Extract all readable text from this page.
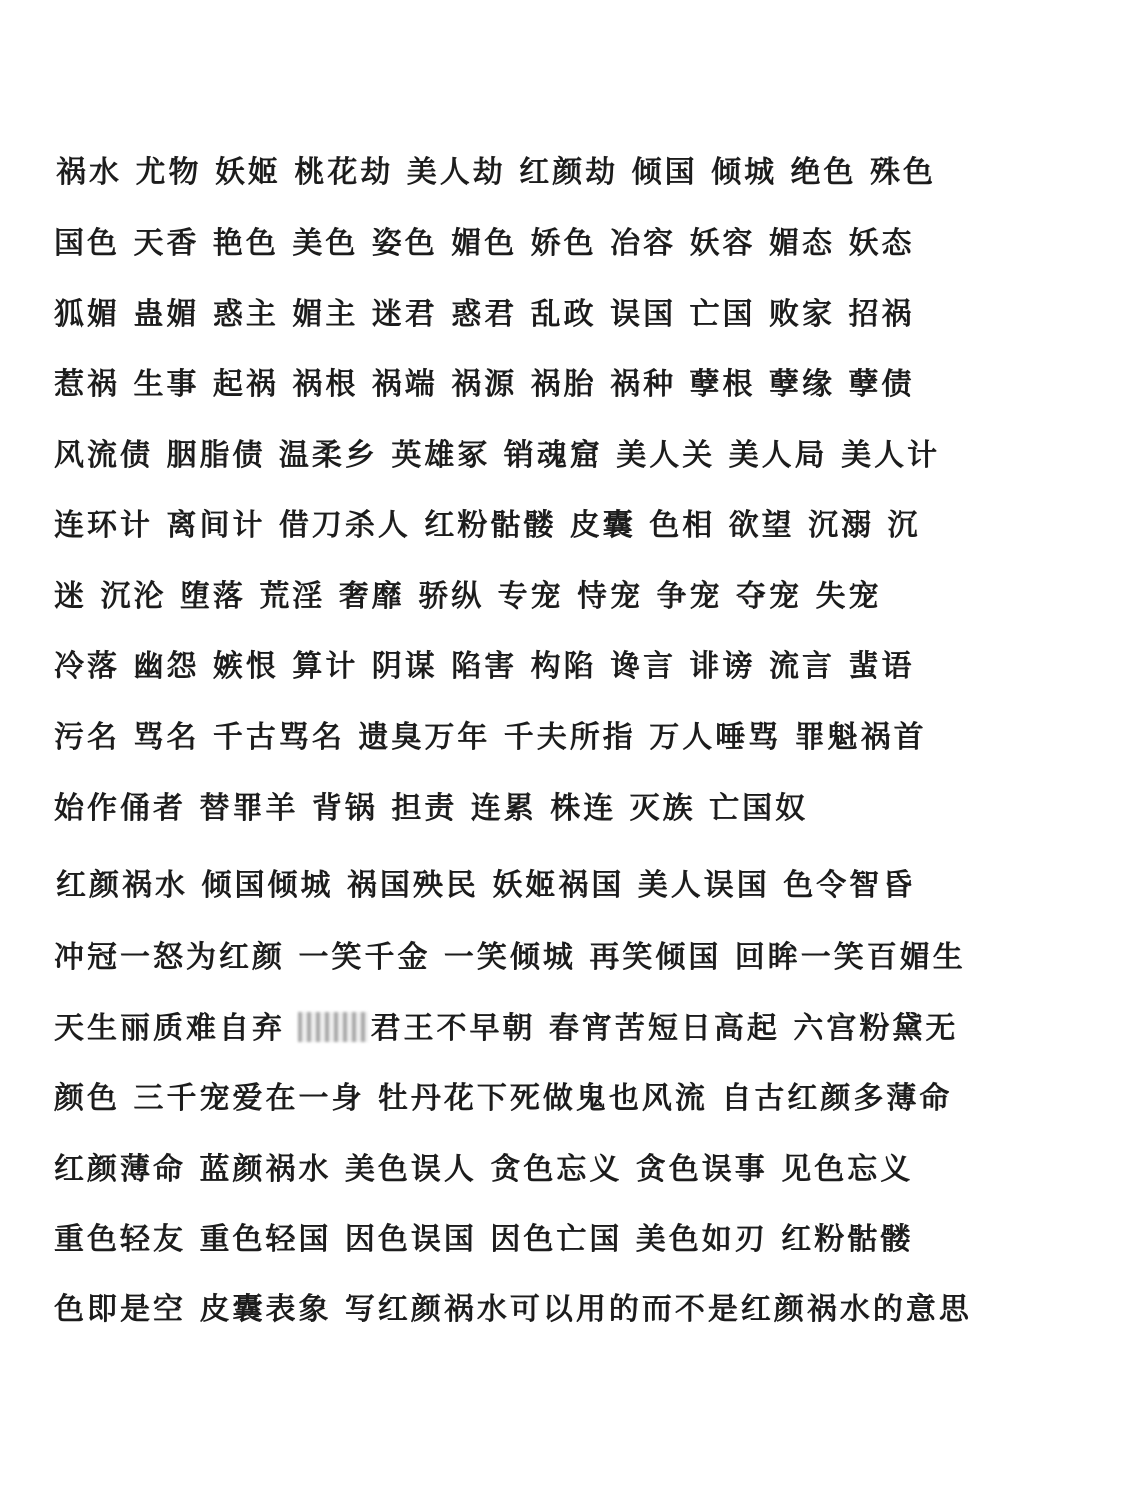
祸水 尤物 妖姬 桃花劫 美人劫 红颜劫 倾国 倾城 绝色 殊色
国色 天香 艳色 美色 姿色 媚色 娇色 冶容 妖容 媚态 妖态
狐媚 蛊媚 惑主 媚主 迷君 惑君 乱政 误国 亡国 败家 招祸
惹祸 生事 起祸 祸根 祸端 祸源 祸胎 祸种 孽根 孽缘 孽债
风流债 胭脂债 温柔乡 英雄冢 销魂窟 美人关 美人局 美人计
连环计 离间计 借刀杀人 红粉骷髅 皮囊 色相 欲望 沉溺 沉
迷 沉沦 堕落 荒淫 奢靡 骄纵 专宠 恃宠 争宠 夺宠 失宠
冷落 幽怨 嫉恨 算计 阴谋 陷害 构陷 谗言 诽谤 流言 蜚语
污名 骂名 千古骂名 遗臭万年 千夫所指 万人唾骂 罪魁祸首
始作俑者 替罪羊 背锅 担责 连累 株连 灭族 亡国奴
红颜祸水 倾国倾城 祸国殃民 妖姬祸国 美人误国 色令智昏
冲冠一怒为红颜 一笑千金 一笑倾城 再笑倾国 回眸一笑百媚生
天生丽质难自弃 君王不早朝 春宵苦短日高起 六宫粉黛无
颜色 三千宠爱在一身 牡丹花下死做鬼也风流 自古红颜多薄命
红颜薄命 蓝颜祸水 美色误人 贪色忘义 贪色误事 见色忘义
重色轻友 重色轻国 因色误国 因色亡国 美色如刃 红粉骷髅
色即是空 皮囊表象 写红颜祸水可以用的而不是红颜祸水的意思
